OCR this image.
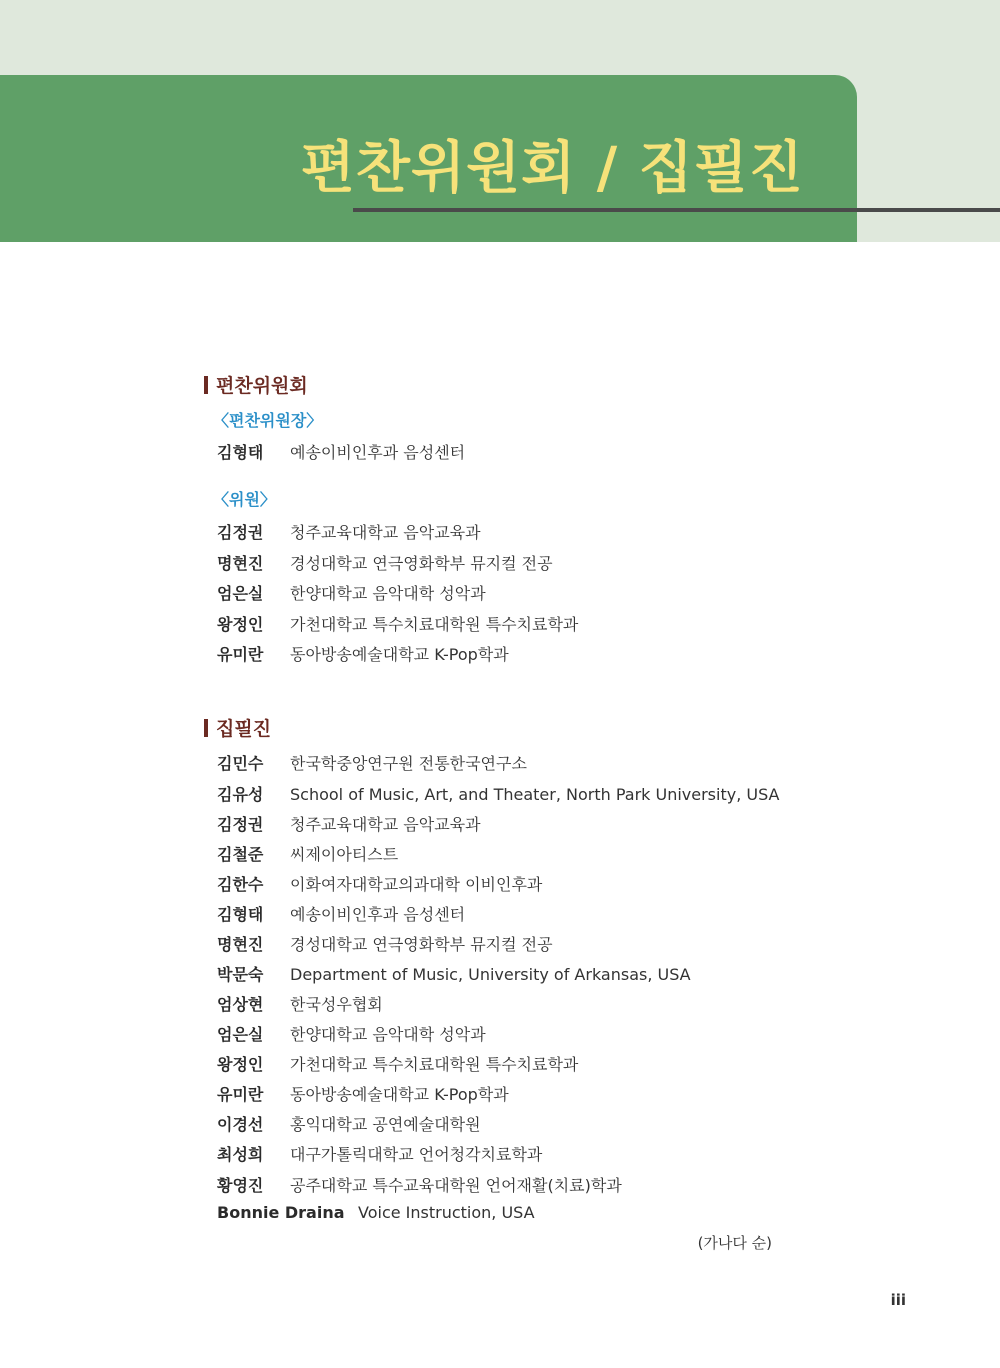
편찬위원회 / 집필진
편찬위원회
〈편찬위원장〉
김형태 예송이비인후과 음성센터
〈위원〉
김정권 청주교육대학교 음악교육과
명현진 경성대학교 연극영화학부 뮤지컬 전공
엄은실 한양대학교 음악대학 성악과
왕정인 가천대학교 특수치료대학원 특수치료학과
유미란 동아방송예술대학교 K-Pop학과
집필진
김민수 한국학중앙연구원 전통한국연구소
김유성 School of Music, Art, and Theater, North Park University, USA
김정권 청주교육대학교 음악교육과
김철준 씨제이아티스트
김한수 이화여자대학교의과대학 이비인후과
김형태 예송이비인후과 음성센터
명현진 경성대학교 연극영화학부 뮤지컬 전공
박문숙 Department of Music, University of Arkansas, USA
엄상현 한국성우협회
엄은실 한양대학교 음악대학 성악과
왕정인 가천대학교 특수치료대학원 특수치료학과
유미란 동아방송예술대학교 K-Pop학과
이경선 홍익대학교 공연예술대학원
최성희 대구가톨릭대학교 언어청각치료학과
황영진 공주대학교 특수교육대학원 언어재활(치료)학과
Bonnie Draina Voice Instruction, USA
(가나다 순)
iii
